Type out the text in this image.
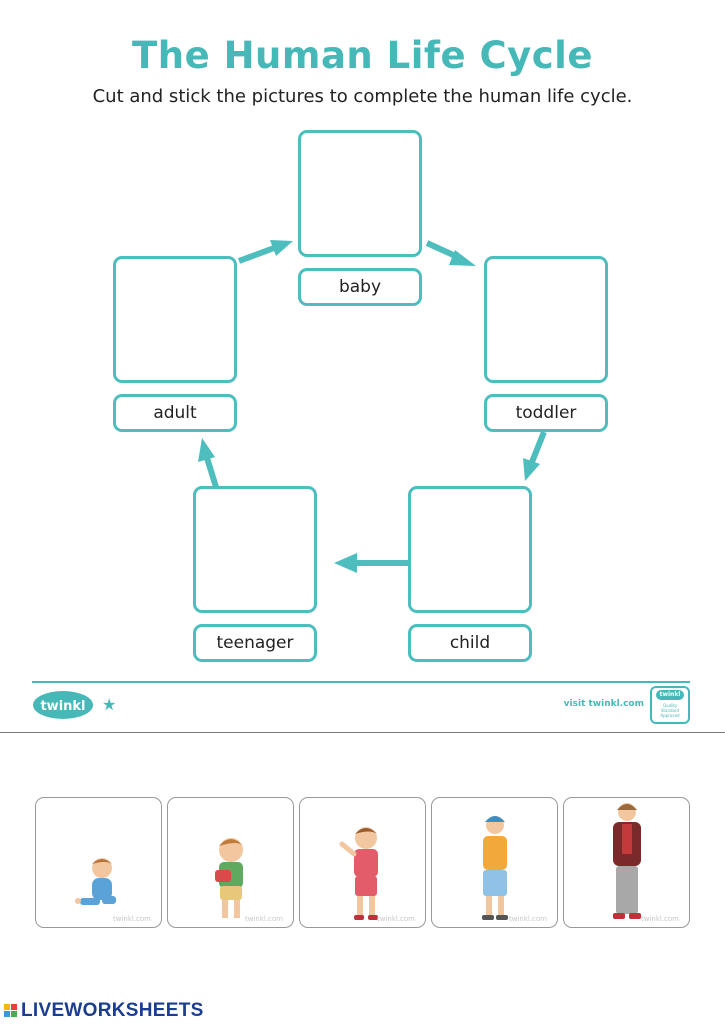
The Human Life Cycle
Cut and stick the pictures to complete the human life cycle.
baby
toddler
child
teenager
adult
twinkl ★	visit twinkl.com
twinkl
Quality Standard Approved
twinkl.com	twinkl.com	twinkl.com	twinkl.com	twinkl.com
LIVEWORKSHEETS
